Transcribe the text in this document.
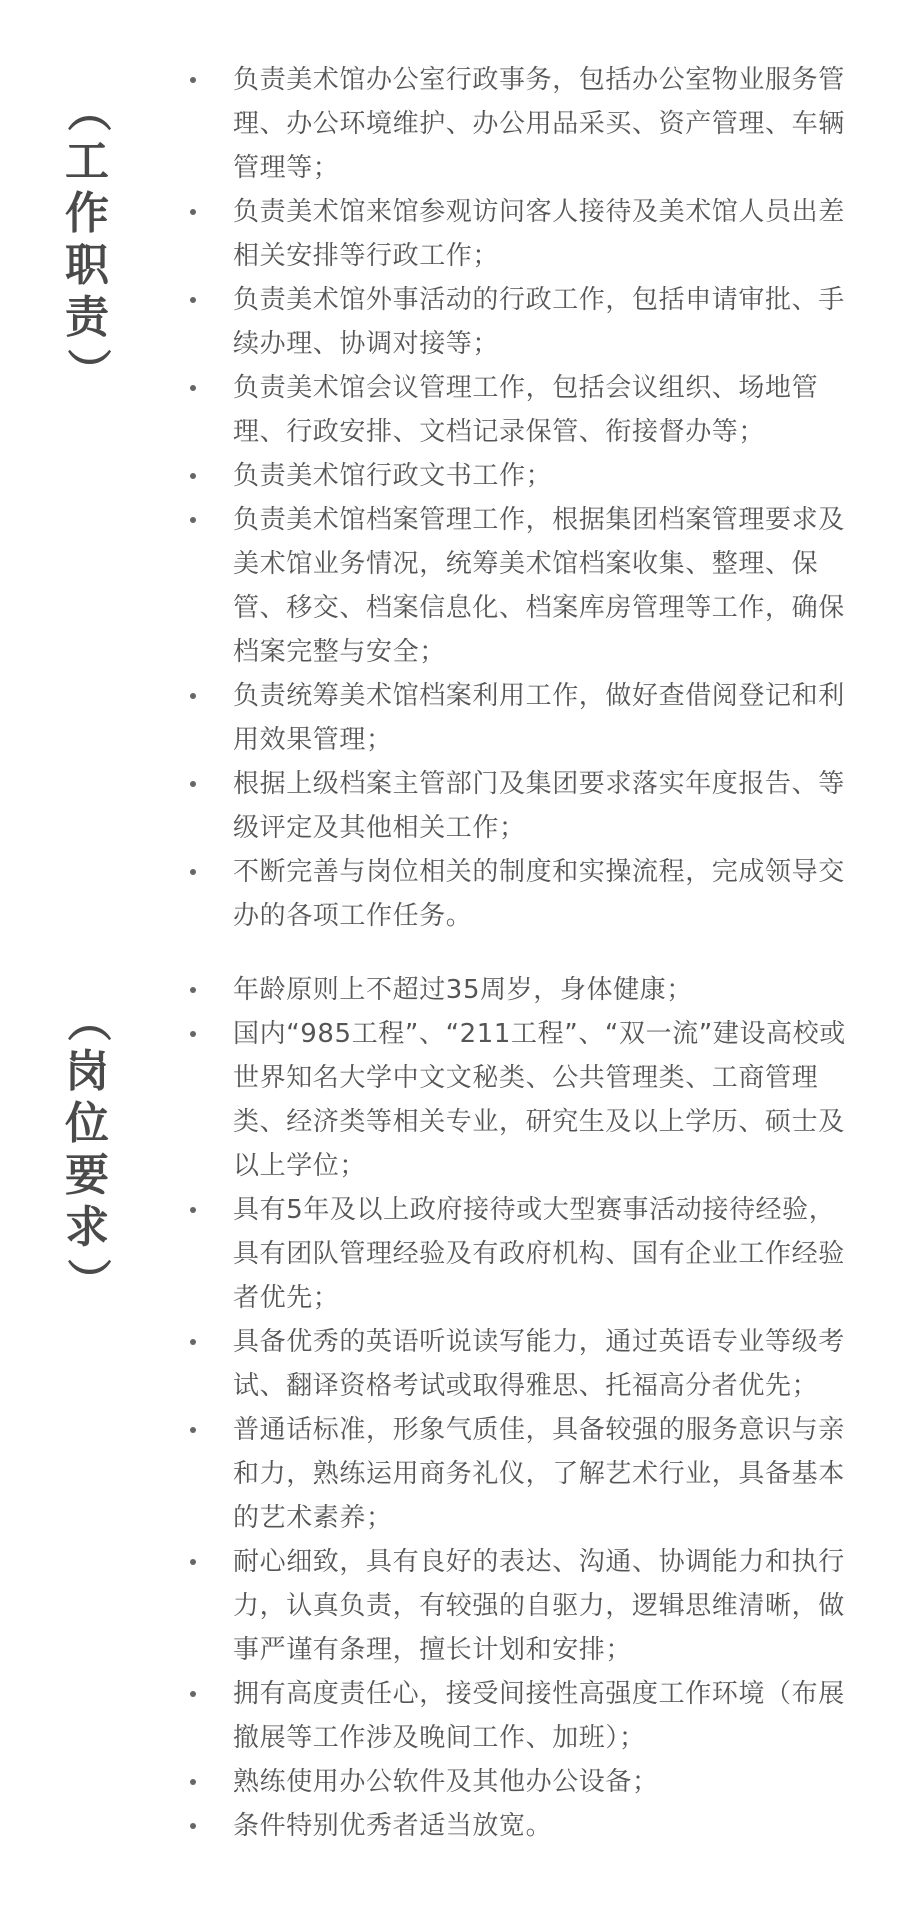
（
工
作
职
责
）
负责美术馆办公室行政事务，包括办公室物业服务管理、办公环境维护、办公用品采买、资产管理、车辆管理等；
负责美术馆来馆参观访问客人接待及美术馆人员出差相关安排等行政工作；
负责美术馆外事活动的行政工作，包括申请审批、手续办理、协调对接等；
负责美术馆会议管理工作，包括会议组织、场地管理、行政安排、文档记录保管、衔接督办等；
负责美术馆行政文书工作；
负责美术馆档案管理工作，根据集团档案管理要求及美术馆业务情况，统筹美术馆档案收集、整理、保管、移交、档案信息化、档案库房管理等工作，确保档案完整与安全；
负责统筹美术馆档案利用工作，做好查借阅登记和利用效果管理；
根据上级档案主管部门及集团要求落实年度报告、等级评定及其他相关工作；
不断完善与岗位相关的制度和实操流程，完成领导交办的各项工作任务。
（
岗
位
要
求
）
年龄原则上不超过35周岁，身体健康；
国内“985工程”、“211工程”、“双一流”建设高校或世界知名大学中文文秘类、公共管理类、工商管理类、经济类等相关专业，研究生及以上学历、硕士及以上学位；
具有5年及以上政府接待或大型赛事活动接待经验，具有团队管理经验及有政府机构、国有企业工作经验者优先；
具备优秀的英语听说读写能力，通过英语专业等级考试、翻译资格考试或取得雅思、托福高分者优先；
普通话标准，形象气质佳，具备较强的服务意识与亲和力，熟练运用商务礼仪，了解艺术行业，具备基本的艺术素养；
耐心细致，具有良好的表达、沟通、协调能力和执行力，认真负责，有较强的自驱力，逻辑思维清晰，做事严谨有条理，擅长计划和安排；
拥有高度责任心，接受间接性高强度工作环境（布展撤展等工作涉及晚间工作、加班）；
熟练使用办公软件及其他办公设备；
条件特别优秀者适当放宽。
